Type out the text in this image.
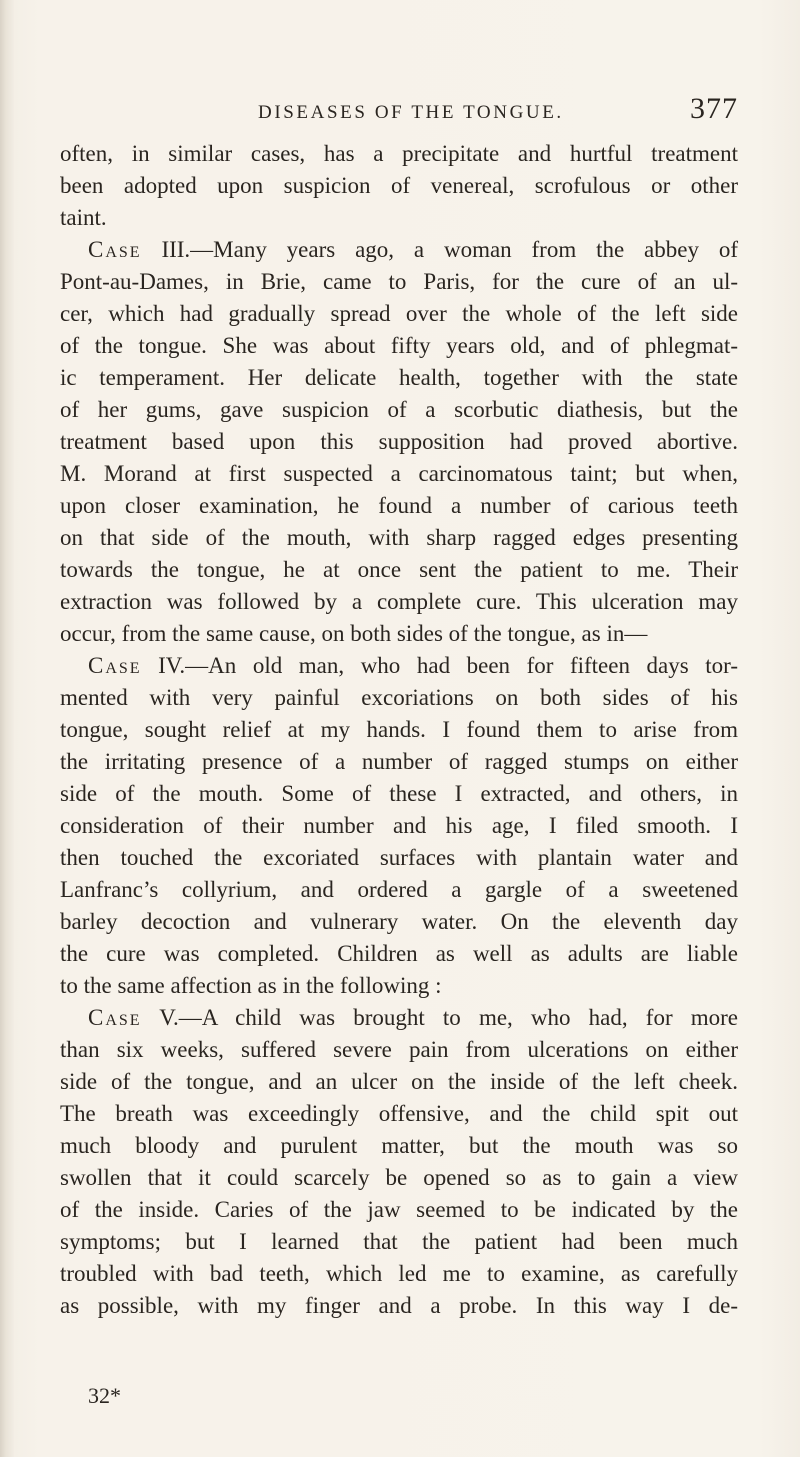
DISEASES OF THE TONGUE.	377
often, in similar cases, has a precipitate and hurtful treatment
been adopted upon suspicion of venereal, scrofulous or other
taint.
Case III.—Many years ago, a woman from the abbey of
Pont-au-Dames, in Brie, came to Paris, for the cure of an ul-
cer, which had gradually spread over the whole of the left side
of the tongue. She was about fifty years old, and of phlegmat-
ic temperament. Her delicate health, together with the state
of her gums, gave suspicion of a scorbutic diathesis, but the
treatment based upon this supposition had proved abortive.
M. Morand at first suspected a carcinomatous taint; but when,
upon closer examination, he found a number of carious teeth
on that side of the mouth, with sharp ragged edges presenting
towards the tongue, he at once sent the patient to me. Their
extraction was followed by a complete cure. This ulceration may
occur, from the same cause, on both sides of the tongue, as in—
Case IV.—An old man, who had been for fifteen days tor-
mented with very painful excoriations on both sides of his
tongue, sought relief at my hands. I found them to arise from
the irritating presence of a number of ragged stumps on either
side of the mouth. Some of these I extracted, and others, in
consideration of their number and his age, I filed smooth. I
then touched the excoriated surfaces with plantain water and
Lanfranc’s collyrium, and ordered a gargle of a sweetened
barley decoction and vulnerary water. On the eleventh day
the cure was completed. Children as well as adults are liable
to the same affection as in the following :
Case V.—A child was brought to me, who had, for more
than six weeks, suffered severe pain from ulcerations on either
side of the tongue, and an ulcer on the inside of the left cheek.
The breath was exceedingly offensive, and the child spit out
much bloody and purulent matter, but the mouth was so
swollen that it could scarcely be opened so as to gain a view
of the inside. Caries of the jaw seemed to be indicated by the
symptoms; but I learned that the patient had been much
troubled with bad teeth, which led me to examine, as carefully
as possible, with my finger and a probe. In this way I de-
32*
